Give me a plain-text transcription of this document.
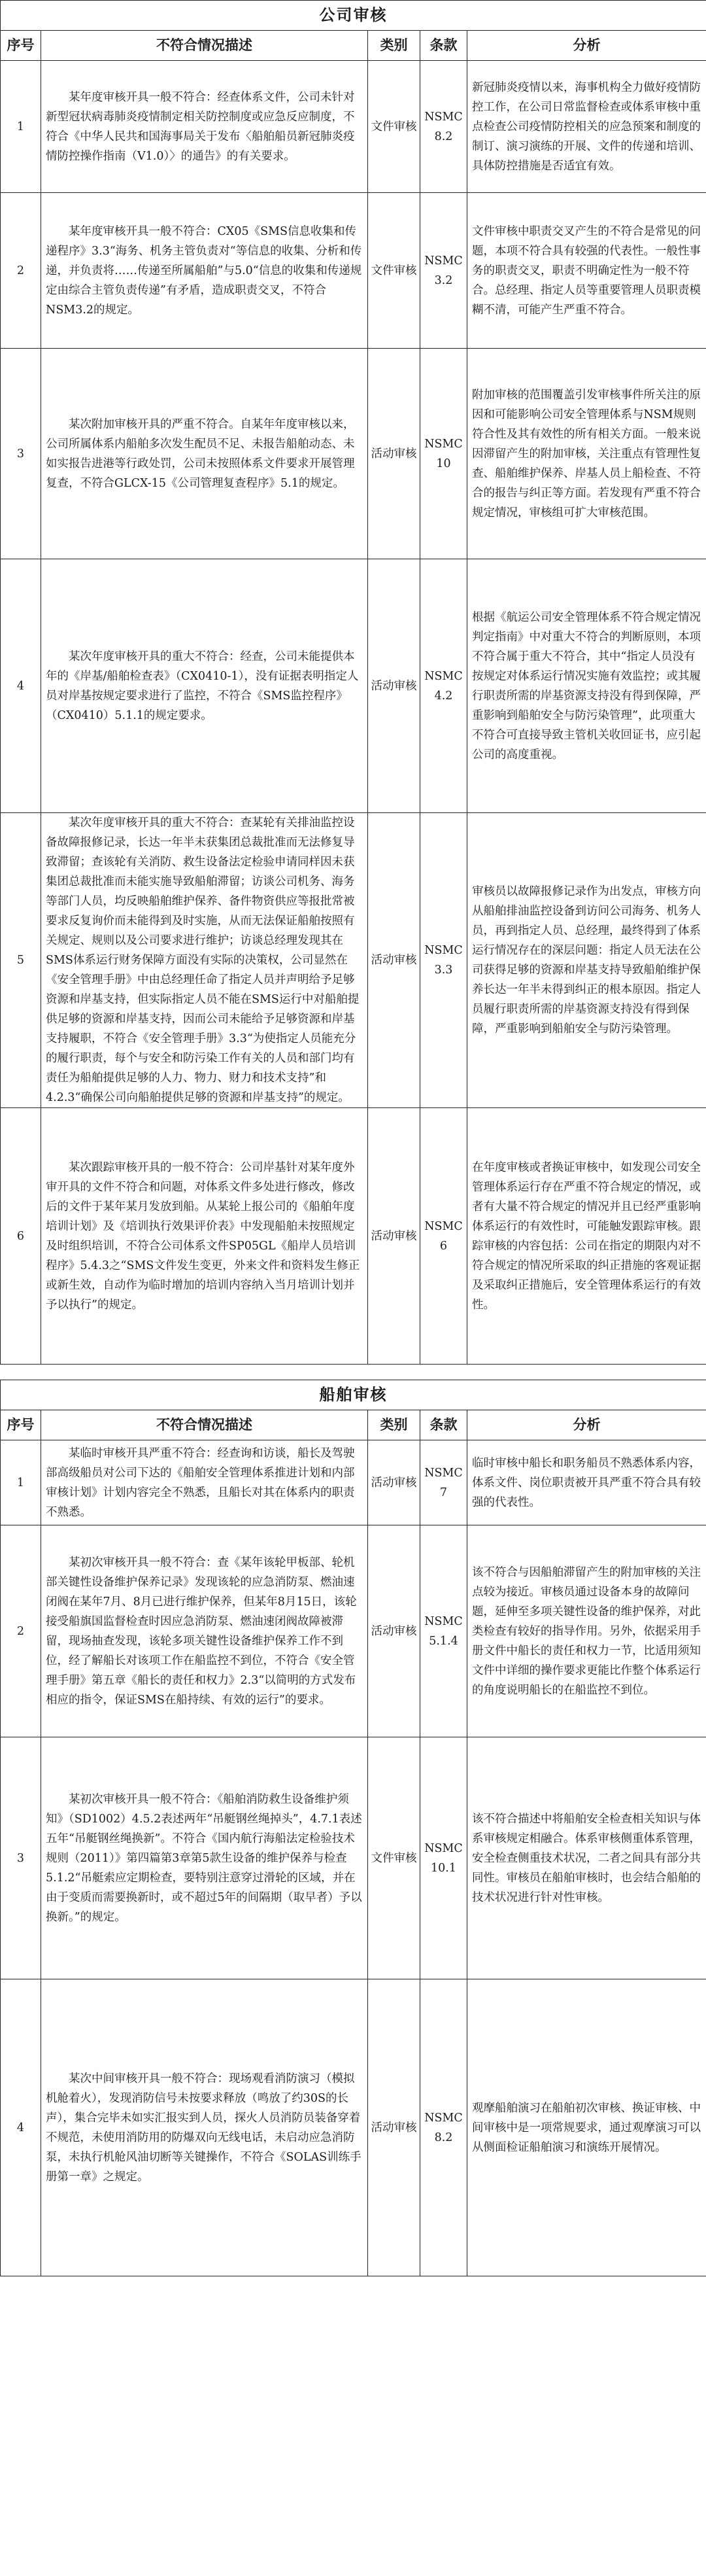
公司审核				
序号	不符合情况描述	类别	条款	分析
1	某年度审核开具一般不符合：经查体系文件，公司未针对新型冠状病毒肺炎疫情制定相关防控制度或应急反应制度，不符合《中华人民共和国海事局关于发布〈船舶船员新冠肺炎疫情防控操作指南（V1.0）〉的通告》的有关要求。	文件审核	NSMC 8.2	新冠肺炎疫情以来，海事机构全力做好疫情防控工作，在公司日常监督检查或体系审核中重点检查公司疫情防控相关的应急预案和制度的制订、演习演练的开展、文件的传递和培训、具体防控措施是否适宜有效。
2	某年度审核开具一般不符合：CX05《SMS信息收集和传递程序》3.3“海务、机务主管负责对“等信息的收集、分析和传递，并负责将……传递至所属船舶”与5.0“信息的收集和传递规定由综合主管负责传递”有矛盾，造成职责交叉，不符合NSM3.2的规定。	文件审核	NSMC 3.2	文件审核中职责交叉产生的不符合是常见的问题，本项不符合具有较强的代表性。一般性事务的职责交叉，职责不明确定性为一般不符合。总经理、指定人员等重要管理人员职责模糊不清，可能产生严重不符合。
3	某次附加审核开具的严重不符合。自某年年度审核以来，公司所属体系内船舶多次发生配员不足、未报告船舶动态、未如实报告进港等行政处罚，公司未按照体系文件要求开展管理复查，不符合GLCX-15《公司管理复查程序》5.1的规定。	活动审核	NSMC 10	附加审核的范围覆盖引发审核事件所关注的原因和可能影响公司安全管理体系与NSM规则符合性及其有效性的所有相关方面。一般来说因滞留产生的附加审核，关注重点有管理性复查、船舶维护保养、岸基人员上船检查、不符合的报告与纠正等方面。若发现有严重不符合规定情况，审核组可扩大审核范围。
4	某次年度审核开具的重大不符合：经查，公司未能提供本年的《岸基/船舶检查表》（CX0410-1），没有证据表明指定人员对岸基按规定要求进行了监控，不符合《SMS监控程序》（CX0410）5.1.1的规定要求。	活动审核	NSMC 4.2	根据《航运公司安全管理体系不符合规定情况判定指南》中对重大不符合的判断原则，本项不符合属于重大不符合，其中“指定人员没有按规定对体系运行情况实施有效监控；或其履行职责所需的岸基资源支持没有得到保障，严重影响到船舶安全与防污染管理”，此项重大不符合可直接导致主管机关收回证书，应引起公司的高度重视。
5	某次年度审核开具的重大不符合：查某轮有关排油监控设备故障报修记录，长达一年半未获集团总裁批准而无法修复导致滞留；查该轮有关消防、救生设备法定检验申请同样因未获集团总裁批准而未能实施导致船舶滞留；访谈公司机务、海务等部门人员，均反映船舶维护保养、备件物资供应等报批常被要求反复询价而未能得到及时实施，从而无法保证船舶按照有关规定、规则以及公司要求进行维护；访谈总经理发现其在SMS体系运行财务保障方面没有实际的决策权，公司显然在《安全管理手册》中由总经理任命了指定人员并声明给予足够资源和岸基支持，但实际指定人员不能在SMS运行中对船舶提供足够的资源和岸基支持，因而公司未能给予足够资源和岸基支持履职，不符合《安全管理手册》3.3“为使指定人员能充分的履行职责，每个与安全和防污染工作有关的人员和部门均有责任为船舶提供足够的人力、物力、财力和技术支持”和4.2.3“确保公司向船舶提供足够的资源和岸基支持”的规定。	活动审核	NSMC 3.3	审核员以故障报修记录作为出发点，审核方向从船舶排油监控设备到访问公司海务、机务人员，再到指定人员、总经理，最终得到了体系运行情况存在的深层问题：指定人员无法在公司获得足够的资源和岸基支持导致船舶维护保养长达一年半未得到纠正的根本原因。指定人员履行职责所需的岸基资源支持没有得到保障，严重影响到船舶安全与防污染管理。
6	某次跟踪审核开具的一般不符合：公司岸基针对某年度外审开具的文件不符合和问题，对体系文件多处进行修改，修改后的文件于某年某月发放到船。从某轮上报公司的《船舶年度培训计划》及《培训执行效果评价表》中发现船舶未按照规定及时组织培训，不符合公司体系文件SP05GL《船岸人员培训程序》5.4.3之“SMS文件发生变更，外来文件和资料发生修正或新生效，自动作为临时增加的培训内容纳入当月培训计划并予以执行”的规定。	活动审核	NSMC 6	在年度审核或者换证审核中，如发现公司安全管理体系运行存在严重不符合规定的情况，或者有大量不符合规定的情况并且已经严重影响体系运行的有效性时，可能触发跟踪审核。跟踪审核的内容包括：公司在指定的期限内对不符合规定的情况所采取的纠正措施的客观证据及采取纠正措施后，安全管理体系运行的有效性。

船舶审核				
序号	不符合情况描述	类别	条款	分析
1	某临时审核开具严重不符合：经查询和访谈，船长及驾驶部高级船员对公司下达的《船舶安全管理体系推进计划和内部审核计划》计划内容完全不熟悉，且船长对其在体系内的职责不熟悉。	活动审核	NSMC 7	临时审核中船长和职务船员不熟悉体系内容，体系文件、岗位职责被开具严重不符合具有较强的代表性。
2	某初次审核开具一般不符合：查《某年该轮甲板部、轮机部关键性设备维护保养记录》发现该轮的应急消防泵、燃油速闭阀在某年7月、8月已进行维护保养，但某年8月15日，该轮接受船旗国监督检查时因应急消防泵、燃油速闭阀故障被滞留，现场抽查发现，该轮多项关键性设备维护保养工作不到位，经了解船长对该项工作在船监控不到位，不符合《安全管理手册》第五章《船长的责任和权力》2.3“以简明的方式发布相应的指令，保证SMS在船持续、有效的运行”的要求。	活动审核	NSMC 5.1.4	该不符合与因船舶滞留产生的附加审核的关注点较为接近。审核员通过设备本身的故障问题，延伸至多项关键性设备的维护保养，对此类检查有较好的指导作用。另外，依据采用手册文件中船长的责任和权力一节，比适用须知文件中详细的操作要求更能比作整个体系运行的角度说明船长的在船监控不到位。
3	某初次审核开具一般不符合：《船舶消防救生设备维护须知》（SD1002）4.5.2表述两年“吊艇钢丝绳掉头”，4.7.1表述五年“吊艇钢丝绳换新”。不符合《国内航行海船法定检验技术规则（2011）》第四篇第3章第5款生设备的维护保养与检查5.1.2“吊艇索应定期检查，要特别注意穿过滑轮的区域，并在由于变质而需要换新时，或不超过5年的间隔期（取早者）予以换新。”的规定。	文件审核	NSMC 10.1	该不符合描述中将船舶安全检查相关知识与体系审核规定相融合。体系审核侧重体系管理，安全检查侧重技术状况，二者之间具有部分共同性。审核员在船舶审核时，也会结合船舶的技术状况进行针对性审核。
4	某次中间审核开具一般不符合：现场观看消防演习（模拟机舱着火），发现消防信号未按要求释放（鸣放了约30S的长声），集合完毕未如实汇报实到人员，探火人员消防员装备穿着不规范，未使用消防用的防爆双向无线电话，未启动应急消防泵，未执行机舱风油切断等关键操作，不符合《SOLAS训练手册第一章》之规定。	活动审核	NSMC 8.2	观摩船舶演习在船舶初次审核、换证审核、中间审核中是一项常规要求，通过观摩演习可以从侧面检证船舶演习和演练开展情况。
